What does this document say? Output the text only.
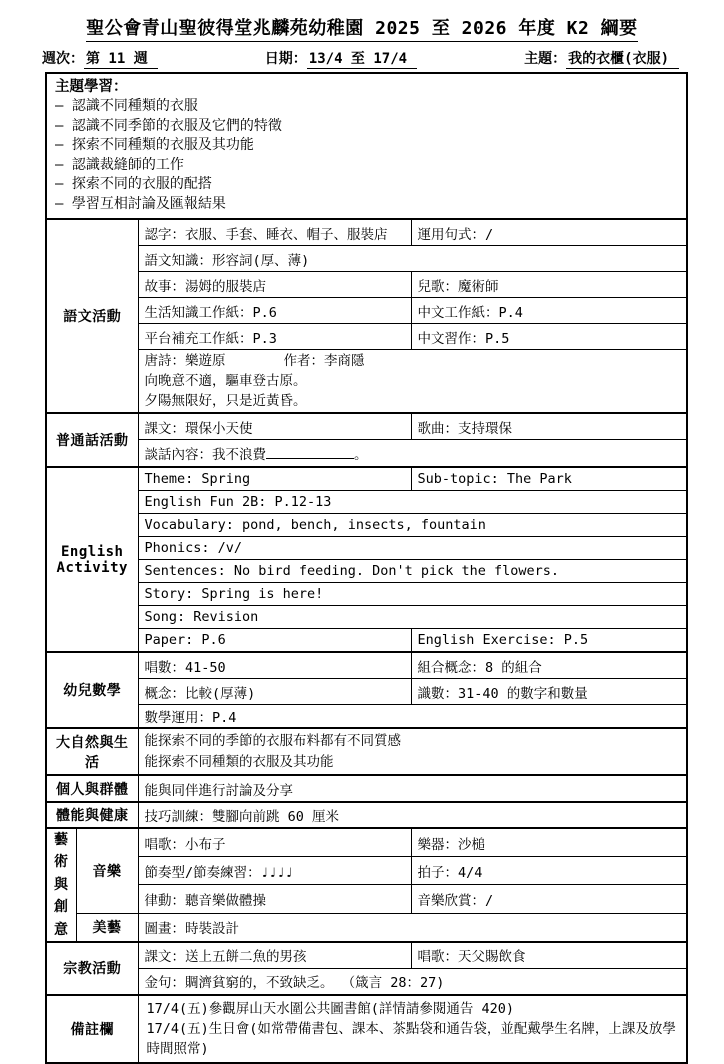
聖公會青山聖彼得堂兆麟苑幼稚園 2025 至 2026 年度 K2 綱要
週次： 第 11 週	日期： 13/4 至 17/4	主題： 我的衣櫃(衣服)
主題學習：
— 認識不同種類的衣服
— 認識不同季節的衣服及它們的特徵
— 探索不同種類的衣服及其功能
— 認識裁縫師的工作
— 探索不同的衣服的配搭
— 學習互相討論及匯報結果

語文活動		認字：衣服、手套、睡衣、帽子、服裝店	運用句式：/
		語文知識：形容詞(厚、薄)	
		故事：湯姆的服裝店	兒歌：魔術師
		生活知識工作紙：P.6	中文工作紙：P.4
		平台補充工作紙：P.3	中文習作：P.5

		唐詩：樂遊原 作者：李商隱
向晚意不適，驅車登古原。
夕陽無限好，只是近黃昏。	

普通話活動		課文：環保小天使	歌曲：支持環保
		談話內容：我不浪費 。	

English
Activity		Theme: Spring	Sub-topic: The Park
		English Fun 2B: P.12-13	
		Vocabulary: pond, bench, insects, fountain	
		Phonics: /v/	
		Sentences: No bird feeding. Don't pick the flowers.	
		Story: Spring is here!	
		Song: Revision	
		Paper: P.6	English Exercise: P.5
幼兒數學		唱數：41-50	組合概念：8 的組合
		概念：比較(厚薄)	識數：31-40 的數字和數量
		數學運用：P.4	
大自然與生活		能探索不同的季節的衣服布料都有不同質感
能探索不同種類的衣服及其功能	

個人與群體		能與同伴進行討論及分享	
體能與健康		技巧訓練：雙腳向前跳 60 厘米	
藝術與創意	音樂	唱歌：小布子	樂器：沙槌
		節奏型/節奏練習：♩♩♩♩	拍子：4/4
		律動：聽音樂做體操	音樂欣賞：/
	美藝	圖畫：時裝設計	
宗教活動		課文：送上五餅二魚的男孩	唱歌：天父賜飲食
		金句：賙濟貧窮的，不致缺乏。 （箴言 28：27)	
備註欄		17/4(五)參觀屏山天水圍公共圖書館(詳情請參閱通告 420)
17/4(五)生日會(如常帶備書包、課本、茶點袋和通告袋，並配戴學生名牌，上課及放學時間照常)	
